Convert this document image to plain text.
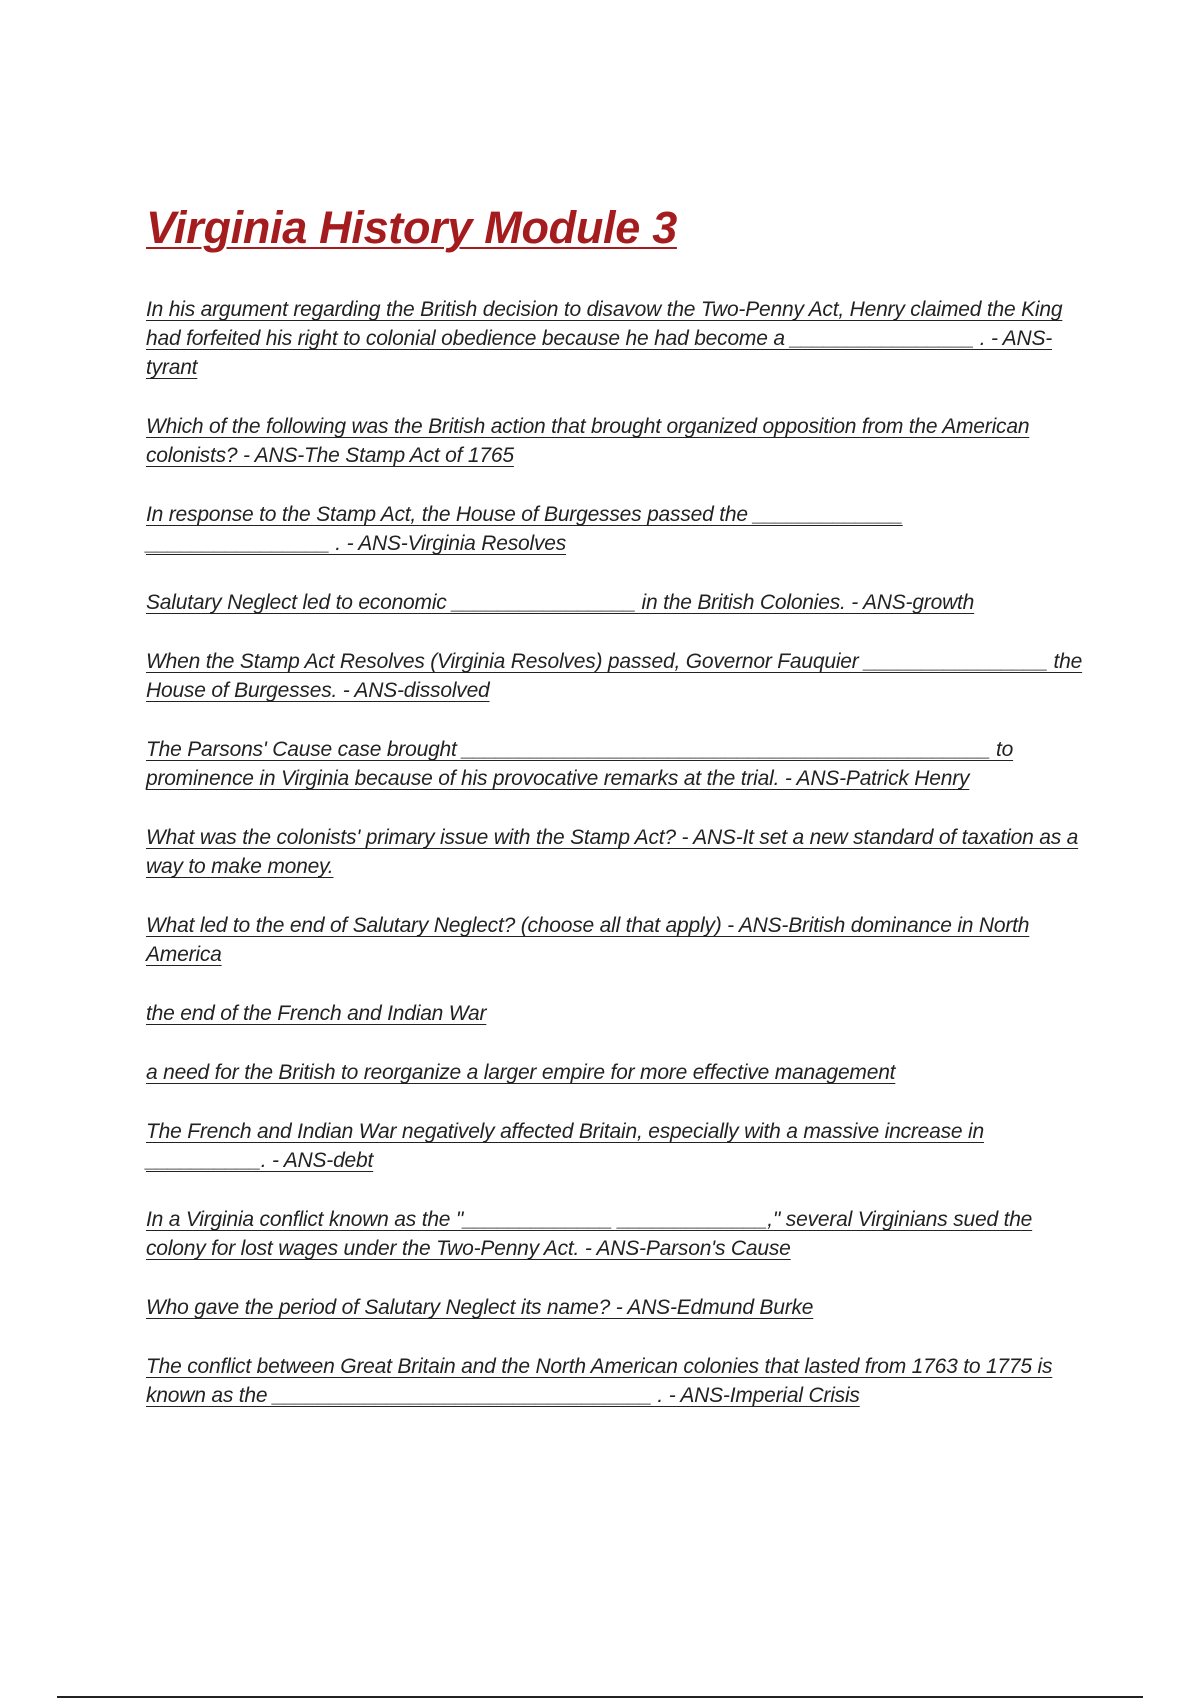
Virginia History Module 3

In his argument regarding the British decision to disavow the Two-Penny Act, Henry claimed the King had forfeited his right to colonial obedience because he had become a ________________ . - ANS-tyrant

Which of the following was the British action that brought organized opposition from the American colonists? - ANS-The Stamp Act of 1765

In response to the Stamp Act, the House of Burgesses passed the _____________ ________________ . - ANS-Virginia Resolves

Salutary Neglect led to economic ________________ in the British Colonies. - ANS-growth

When the Stamp Act Resolves (Virginia Resolves) passed, Governor Fauquier ________________ the House of Burgesses. - ANS-dissolved

The Parsons' Cause case brought ______________________________________________ to prominence in Virginia because of his provocative remarks at the trial. - ANS-Patrick Henry

What was the colonists' primary issue with the Stamp Act? - ANS-It set a new standard of taxation as a way to make money.

What led to the end of Salutary Neglect? (choose all that apply) - ANS-British dominance in North America

the end of the French and Indian War

a need for the British to reorganize a larger empire for more effective management

The French and Indian War negatively affected Britain, especially with a massive increase in __________. - ANS-debt

In a Virginia conflict known as the "_____________ _____________," several Virginians sued the colony for lost wages under the Two-Penny Act. - ANS-Parson's Cause

Who gave the period of Salutary Neglect its name? - ANS-Edmund Burke

The conflict between Great Britain and the North American colonies that lasted from 1763 to 1775 is known as the _________________________________ . - ANS-Imperial Crisis
